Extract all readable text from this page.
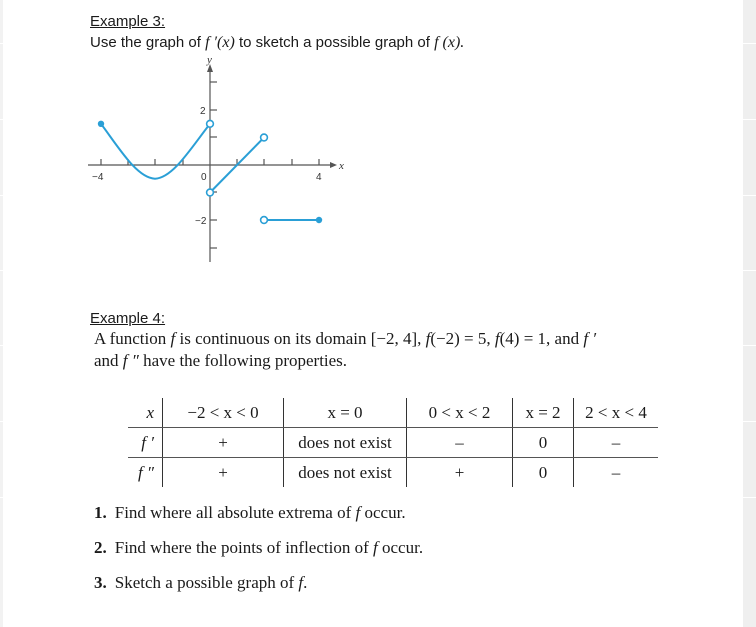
Example 3:
Use the graph of f ′(x) to sketch a possible graph of f (x).
−4	0	4
2
−2
y
x
Example 4:
A function f is continuous on its domain [−2, 4], f(−2) = 5, f(4) = 1, and f ′
and f ″ have the following properties.
x	−2 < x < 0	x = 0	0 < x < 2	x = 2	2 < x < 4
f ′	+	does not exist	–	0	–
f ″	+	does not exist	+	0	–
1. Find where all absolute extrema of f occur.
2. Find where the points of inflection of f occur.
3. Sketch a possible graph of f.
